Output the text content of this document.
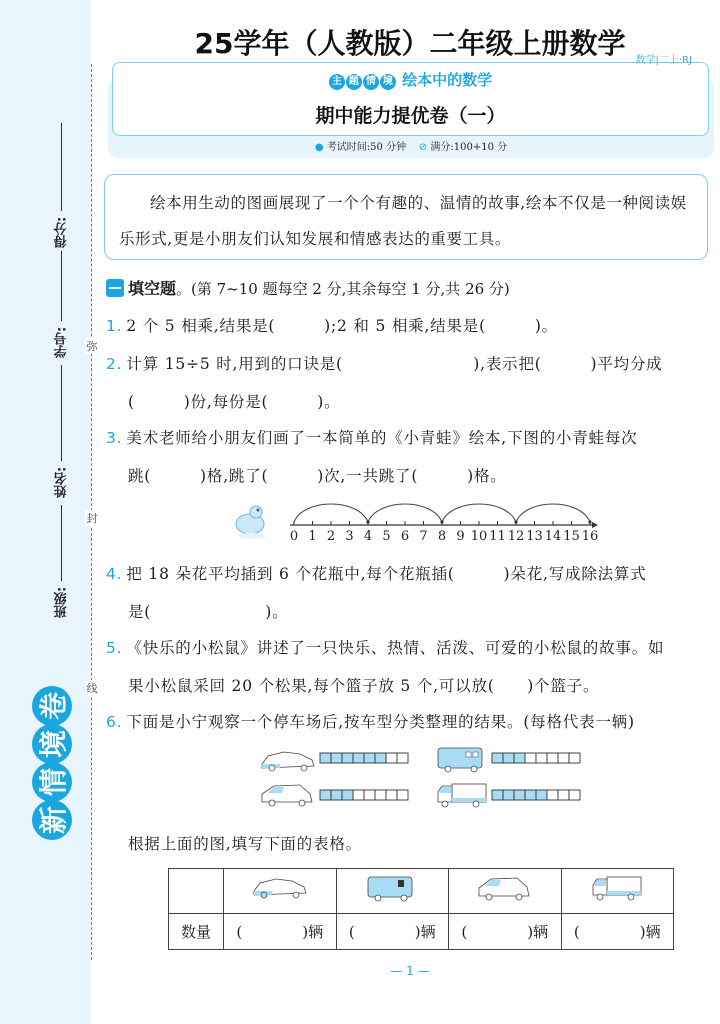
弥
封
线
得分:
学号:
姓名:
班级:
卷
境
情
新
25学年（人教版）二年级上册数学
数学|二上·RJ
主 题 情 境 绘本中的数学
期中能力提优卷（一）
● 考试时间:50 分钟 ⊘ 满分:100+10 分
绘本用生动的图画展现了一个个有趣的、温情的故事,绘本不仅是一种阅读娱乐形式,更是小朋友们认知发展和情感表达的重要工具。
填空题。(第 7~10 题每空 2 分,其余每空 1 分,共 26 分)
1. 2 个 5 相乘,结果是(　　　);2 和 5 相乘,结果是(　　　)。
2. 计算 15÷5 时,用到的口诀是(　　　　　　　　),表示把(　　　)平均分成
(　　　)份,每份是(　　　)。
3. 美术老师给小朋友们画了一本简单的《小青蛙》绘本,下图的小青蛙每次
跳(　　　)格,跳了(　　　)次,一共跳了(　　　)格。
0 1 2 3 4 5 6 7 8 9 10 11 12 13 14 15 16
4. 把 18 朵花平均插到 6 个花瓶中,每个花瓶插(　　　)朵花,写成除法算式
是(　　　　　　　)。
5. 《快乐的小松鼠》讲述了一只快乐、热情、活泼、可爱的小松鼠的故事。如
果小松鼠采回 20 个松果,每个篮子放 5 个,可以放(　　)个篮子。
6. 下面是小宁观察一个停车场后,按车型分类整理的结果。(每格代表一辆)
根据上面的图,填写下面的表格。

数量	(　　　　)辆	(　　　　)辆	(　　　　)辆	(　　　　)辆
— 1 —
